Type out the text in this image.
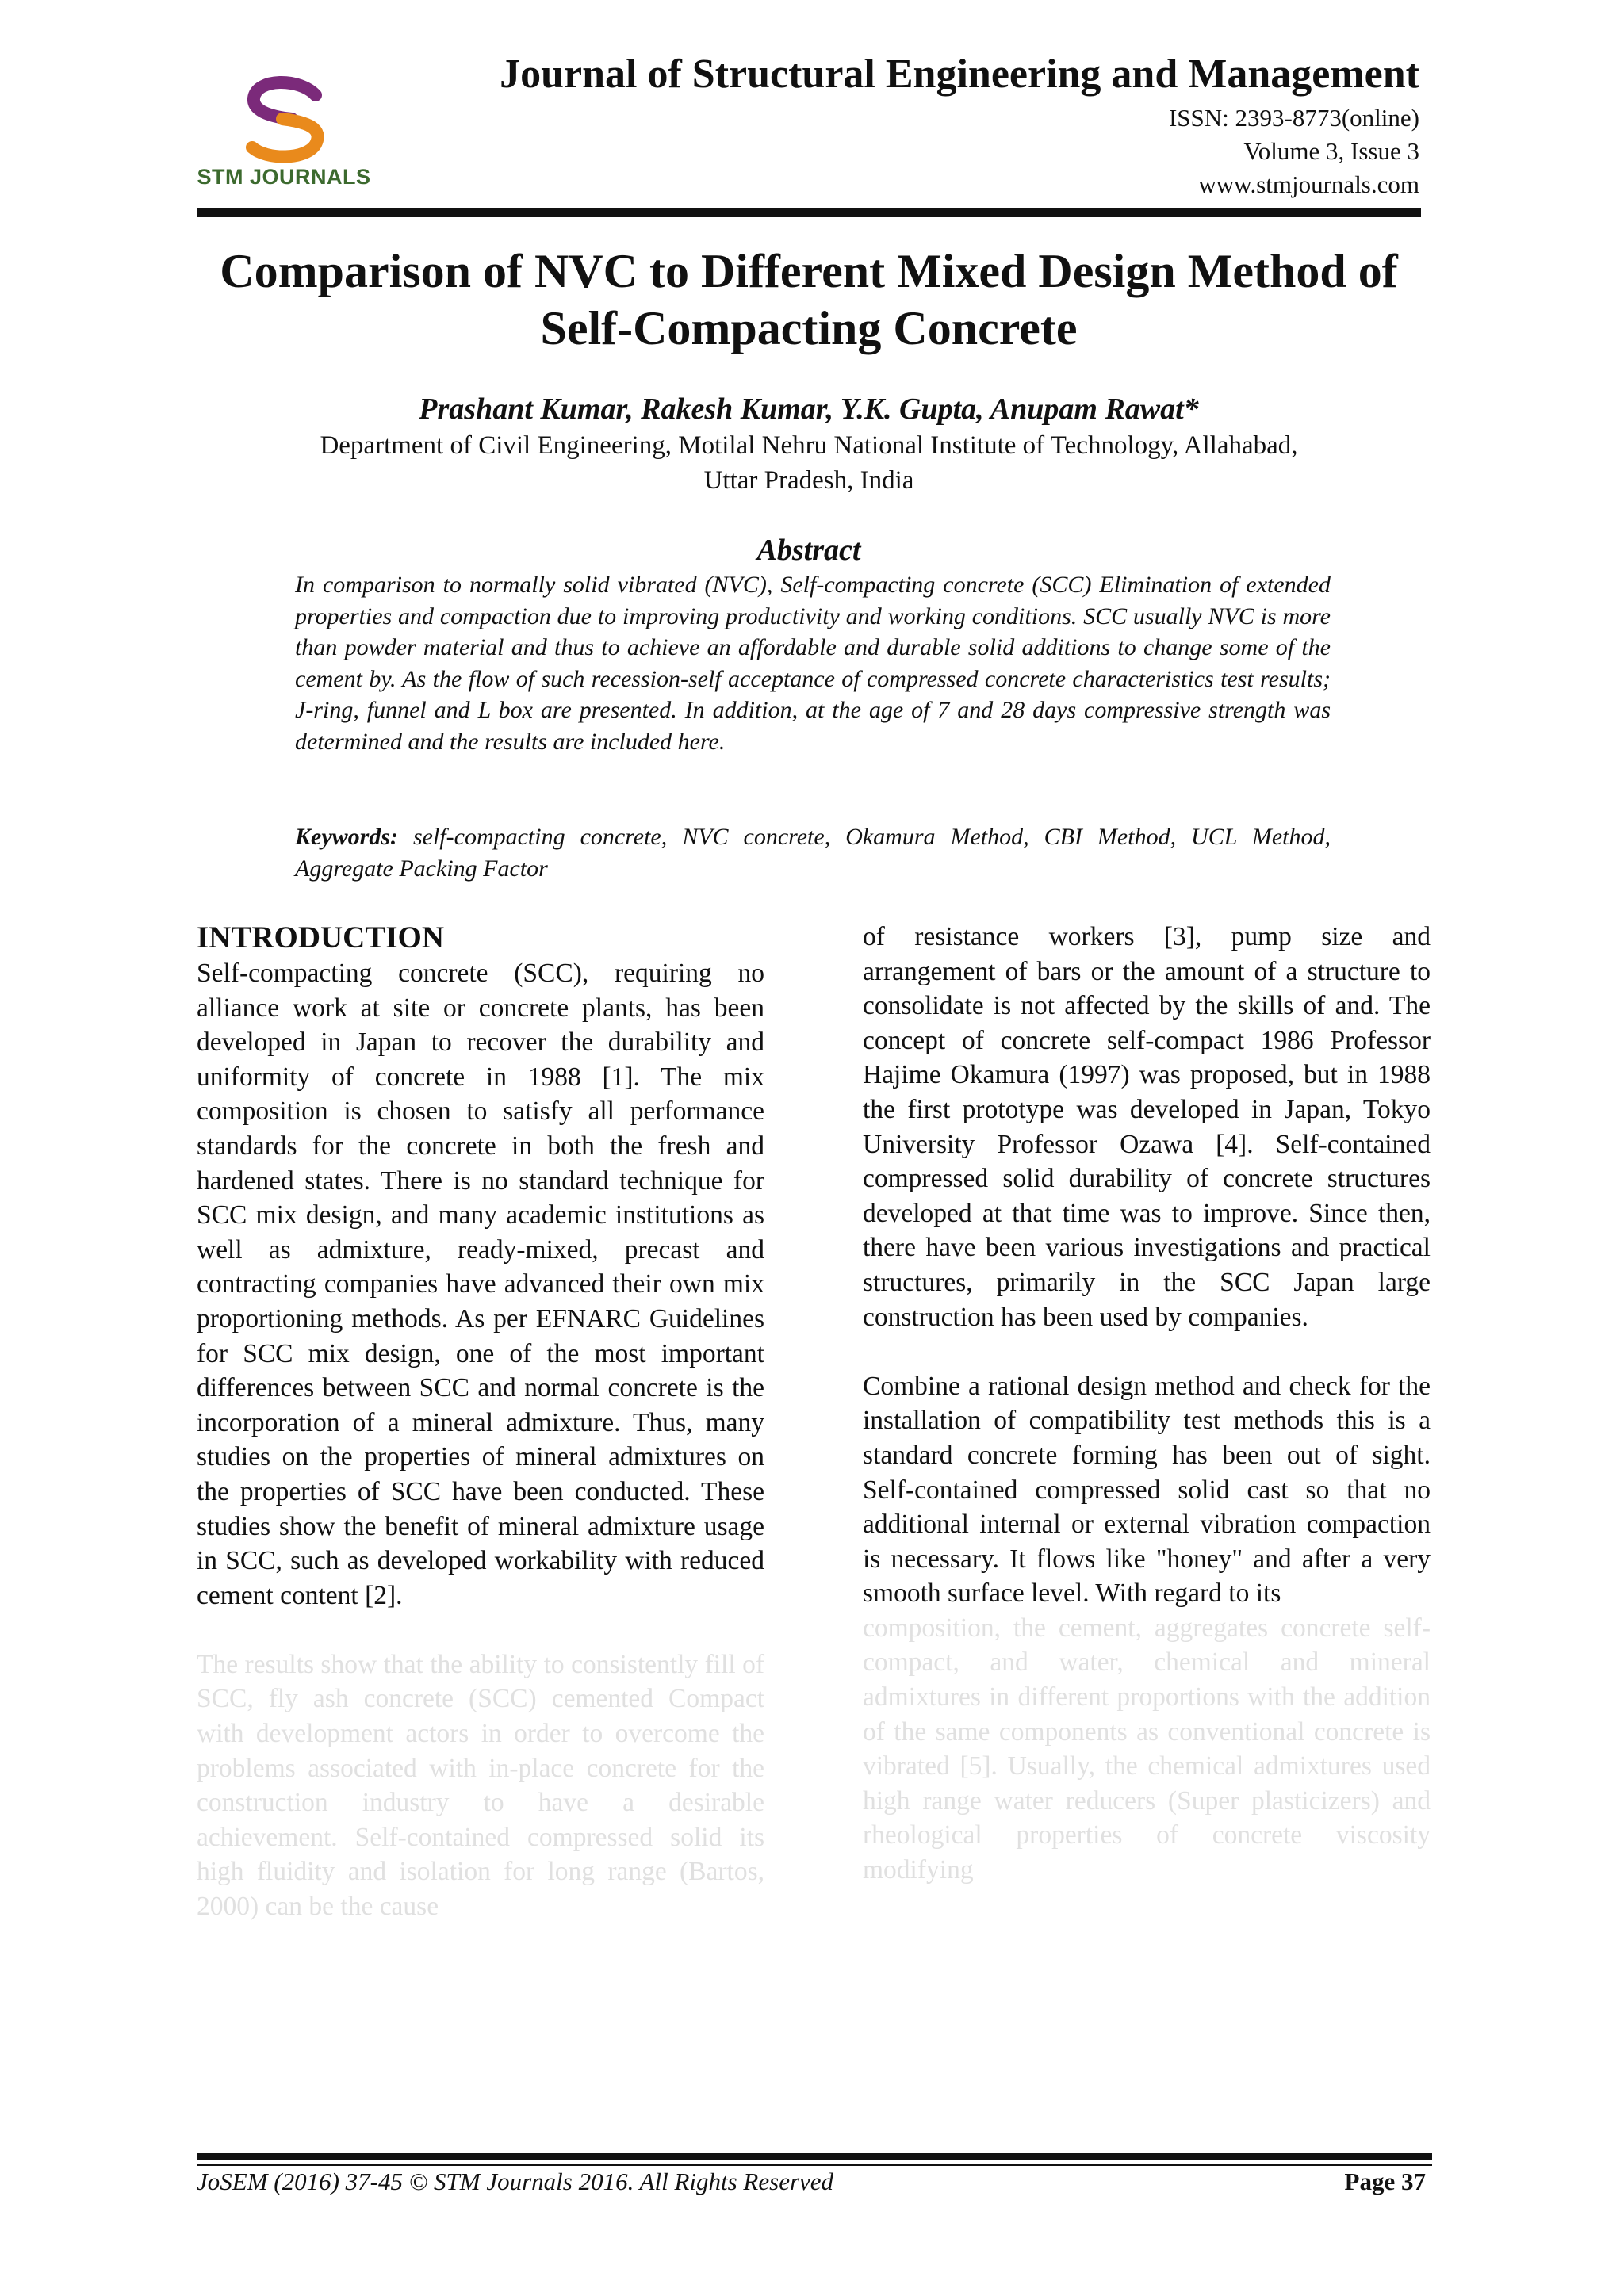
STM JOURNALS
Journal of Structural Engineering and Management
ISSN: 2393-8773(online)
Volume 3, Issue 3
www.stmjournals.com
Comparison of NVC to Different Mixed Design Method of
Self-Compacting Concrete
Prashant Kumar, Rakesh Kumar, Y.K. Gupta, Anupam Rawat*
Department of Civil Engineering, Motilal Nehru National Institute of Technology, Allahabad,
Uttar Pradesh, India
Abstract

In comparison to normally solid vibrated (NVC), Self-compacting concrete (SCC) Elimination of extended properties and compaction due to improving productivity and working conditions. SCC usually NVC is more than powder material and thus to achieve an affordable and durable solid additions to change some of the cement by. As the flow of such recession-self acceptance of compressed concrete characteristics test results; J-ring, funnel and L box are presented. In addition, at the age of 7 and 28 days compressive strength was determined and the results are included here.

Keywords: self-compacting concrete, NVC concrete, Okamura Method, CBI Method, UCL Method, Aggregate Packing Factor

INTRODUCTION

Self-compacting concrete (SCC), requiring no alliance work at site or concrete plants, has been developed in Japan to recover the durability and uniformity of concrete in 1988 [1]. The mix composition is chosen to satisfy all performance standards for the concrete in both the fresh and hardened states. There is no standard technique for SCC mix design, and many academic institutions as well as admixture, ready-mixed, precast and contracting companies have advanced their own mix proportioning methods. As per EFNARC Guidelines for SCC mix design, one of the most important differences between SCC and normal concrete is the incorporation of a mineral admixture. Thus, many studies on the properties of mineral admixtures on the properties of SCC have been conducted. These studies show the benefit of mineral admixture usage in SCC, such as developed workability with reduced cement content [2].

The results show that the ability to consistently fill of SCC, fly ash concrete (SCC) cemented Compact with development actors in order to overcome the problems associated with in-place concrete for the construction industry to have a desirable achievement. Self-contained compressed solid its high fluidity and isolation for long range (Bartos, 2000) can be the cause

of resistance workers [3], pump size and arrangement of bars or the amount of a structure to consolidate is not affected by the skills of and. The concept of concrete self-compact 1986 Professor Hajime Okamura (1997) was proposed, but in 1988 the first prototype was developed in Japan, Tokyo University Professor Ozawa [4]. Self-contained compressed solid durability of concrete structures developed at that time was to improve. Since then, there have been various investigations and practical structures, primarily in the SCC Japan large construction has been used by companies.

Combine a rational design method and check for the installation of compatibility test methods this is a standard concrete forming has been out of sight. Self-contained compressed solid cast so that no additional internal or external vibration compaction is necessary. It flows like "honey" and after a very smooth surface level. With regard to its

composition, the cement, aggregates concrete self-compact, and water, chemical and mineral admixtures in different proportions with the addition of the same components as conventional concrete is vibrated [5]. Usually, the chemical admixtures used high range water reducers (Super plasticizers) and rheological properties of concrete viscosity modifying

JoSEM (2016) 37-45 © STM Journals 2016. All Rights Reserved	Page 37
